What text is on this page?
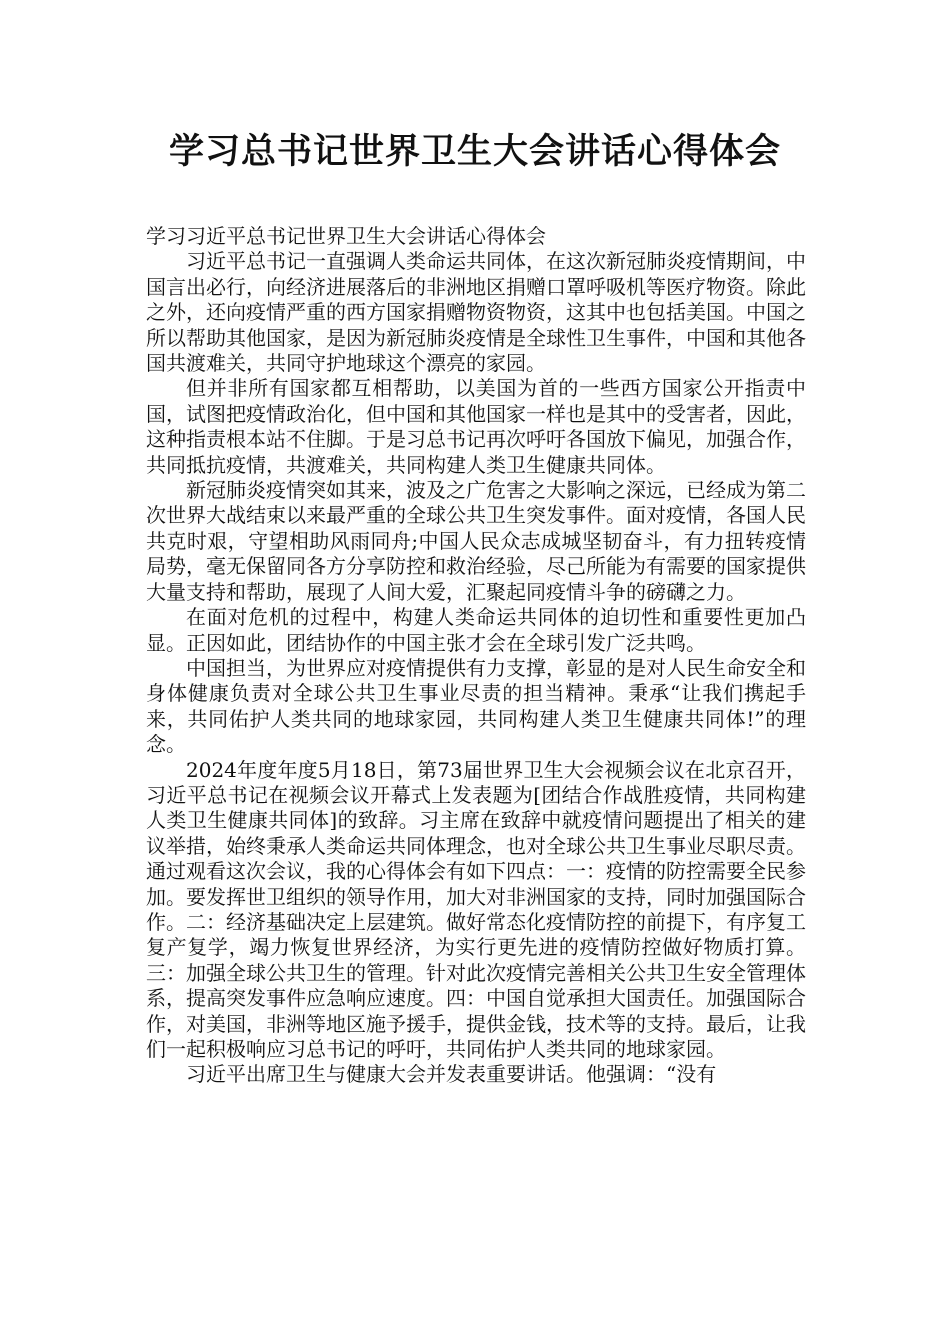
学习总书记世界卫生大会讲话心得体会

学习习近平总书记世界卫生大会讲话心得体会

习近平总书记一直强调人类命运共同体，在这次新冠肺炎疫情期间，中国言出必行，向经济进展落后的非洲地区捐赠口罩呼吸机等医疗物资。除此之外，还向疫情严重的西方国家捐赠物资物资，这其中也包括美国。中国之所以帮助其他国家，是因为新冠肺炎疫情是全球性卫生事件，中国和其他各国共渡难关，共同守护地球这个漂亮的家园。

但并非所有国家都互相帮助，以美国为首的一些西方国家公开指责中国，试图把疫情政治化，但中国和其他国家一样也是其中的受害者，因此，这种指责根本站不住脚。于是习总书记再次呼吁各国放下偏见，加强合作，共同抵抗疫情，共渡难关，共同构建人类卫生健康共同体。

新冠肺炎疫情突如其来，波及之广危害之大影响之深远，已经成为第二次世界大战结束以来最严重的全球公共卫生突发事件。面对疫情，各国人民共克时艰，守望相助风雨同舟;中国人民众志成城坚韧奋斗，有力扭转疫情局势，毫无保留同各方分享防控和救治经验，尽己所能为有需要的国家提供大量支持和帮助，展现了人间大爱，汇聚起同疫情斗争的磅礴之力。

在面对危机的过程中，构建人类命运共同体的迫切性和重要性更加凸显。正因如此，团结协作的中国主张才会在全球引发广泛共鸣。

中国担当，为世界应对疫情提供有力支撑，彰显的是对人民生命安全和身体健康负责对全球公共卫生事业尽责的担当精神。秉承“让我们携起手来，共同佑护人类共同的地球家园，共同构建人类卫生健康共同体!”的理念。

2024年度年度5月18日，第73届世界卫生大会视频会议在北京召开，习近平总书记在视频会议开幕式上发表题为[团结合作战胜疫情，共同构建人类卫生健康共同体]的致辞。习主席在致辞中就疫情问题提出了相关的建议举措，始终秉承人类命运共同体理念，也对全球公共卫生事业尽职尽责。通过观看这次会议，我的心得体会有如下四点：一：疫情的防控需要全民参加。要发挥世卫组织的领导作用，加大对非洲国家的支持，同时加强国际合作。二：经济基础决定上层建筑。做好常态化疫情防控的前提下，有序复工复产复学，竭力恢复世界经济，为实行更先进的疫情防控做好物质打算。三：加强全球公共卫生的管理。针对此次疫情完善相关公共卫生安全管理体系，提高突发事件应急响应速度。四：中国自觉承担大国责任。加强国际合作，对美国，非洲等地区施予援手，提供金钱，技术等的支持。最后，让我们一起积极响应习总书记的呼吁，共同佑护人类共同的地球家园。

习近平出席卫生与健康大会并发表重要讲话。他强调：“没有
